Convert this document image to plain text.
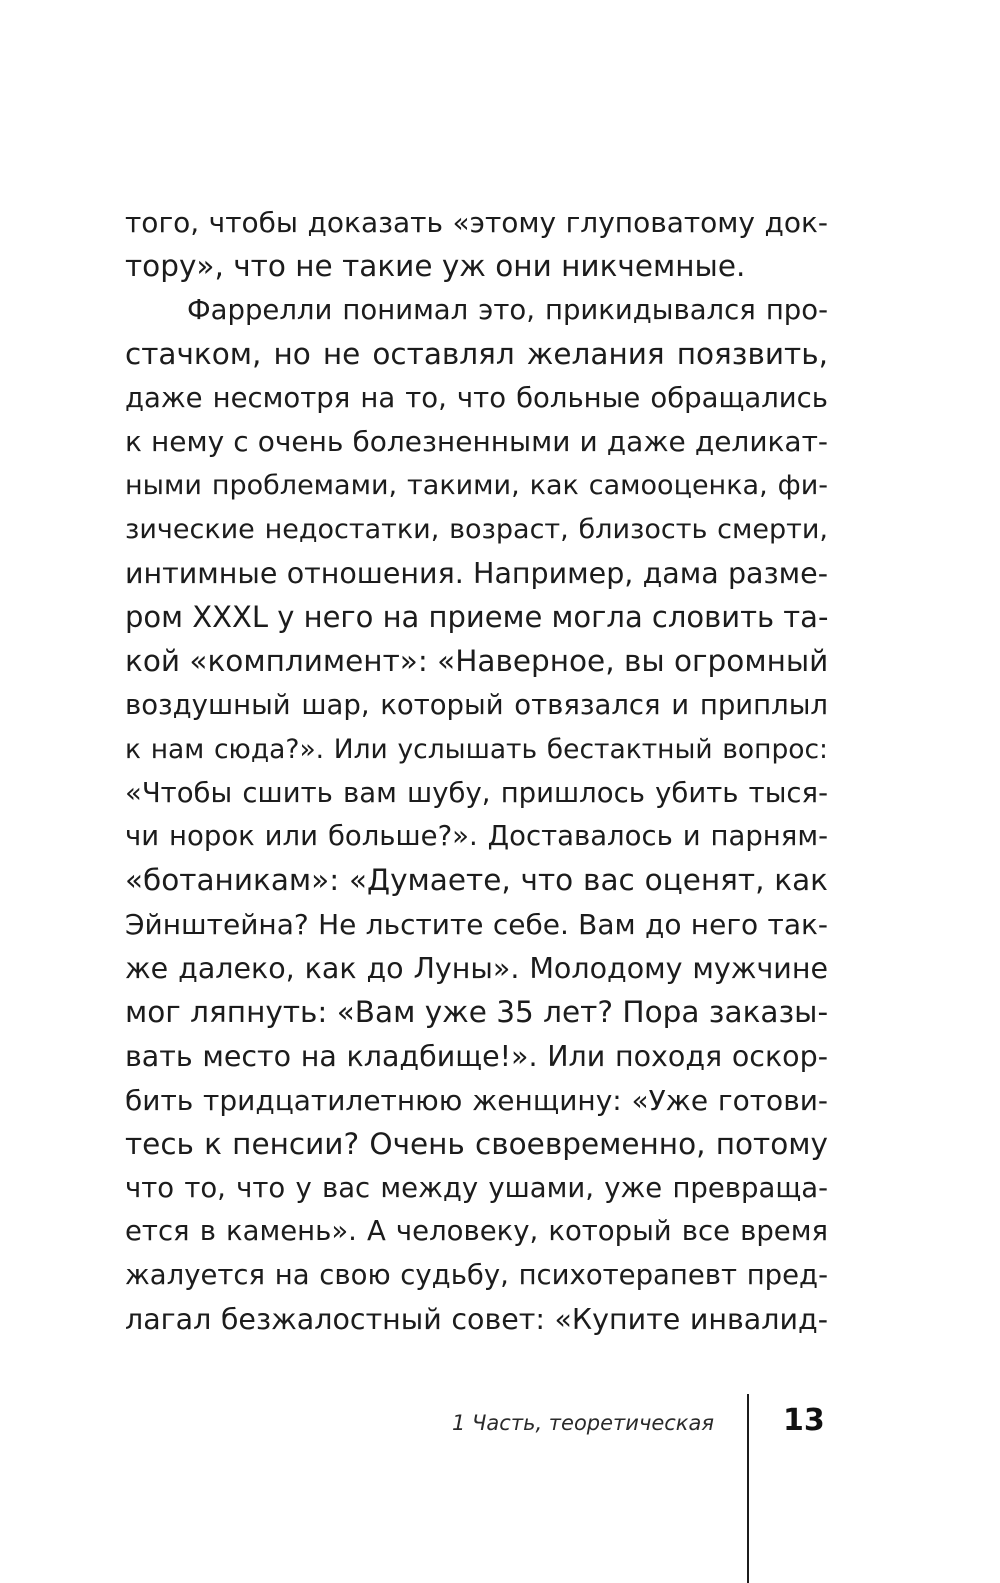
того, чтобы доказать «этому глуповатому док-
тору», что не такие уж они никчемные.
Фаррелли понимал это, прикидывался про-
стачком, но не оставлял желания поязвить,
даже несмотря на то, что больные обращались
к нему с очень болезненными и даже деликат-
ными проблемами, такими, как самооценка, фи-
зические недостатки, возраст, близость смерти,
интимные отношения. Например, дама разме-
ром XXXL у него на приеме могла словить та-
кой «комплимент»: «Наверное, вы огромный
воздушный шар, который отвязался и приплыл
к нам сюда?». Или услышать бестактный вопрос:
«Чтобы сшить вам шубу, пришлось убить тыся-
чи норок или больше?». Доставалось и парням-
«ботаникам»: «Думаете, что вас оценят, как
Эйнштейна? Не льстите себе. Вам до него так-
же далеко, как до Луны». Молодому мужчине
мог ляпнуть: «Вам уже 35 лет? Пора заказы-
вать место на кладбище!». Или походя оскор-
бить тридцатилетнюю женщину: «Уже готови-
тесь к пенсии? Очень своевременно, потому
что то, что у вас между ушами, уже превраща-
ется в камень». А человеку, который все время
жалуется на свою судьбу, психотерапевт пред-
лагал безжалостный совет: «Купите инвалид-
1 Часть, теоретическая 13
